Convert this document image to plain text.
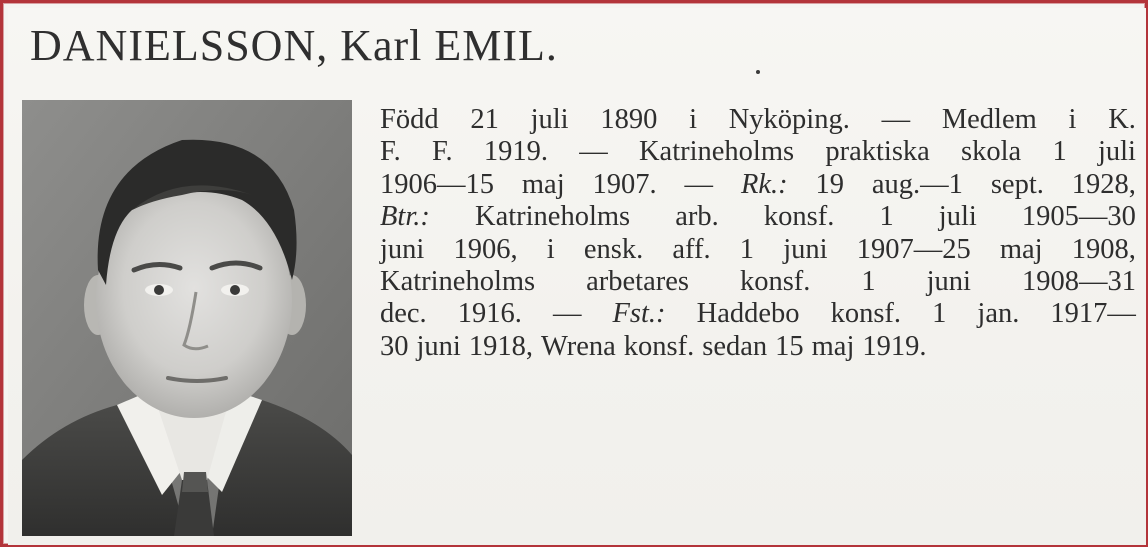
DANIELSSON, Karl EMIL.
Född 21 juli 1890 i Nyköping. — Medlem i K.
F. F. 1919. — Katrineholms praktiska skola 1 juli
1906—15 maj 1907. — Rk.: 19 aug.—1 sept. 1928,
Btr.: Katrineholms arb. konsf. 1 juli 1905—30
juni 1906, i ensk. aff. 1 juni 1907—25 maj 1908,
Katrineholms arbetares konsf. 1 juni 1908—31
dec. 1916. — Fst.: Haddebo konsf. 1 jan. 1917—
30 juni 1918, Wrena konsf. sedan 15 maj 1919.
